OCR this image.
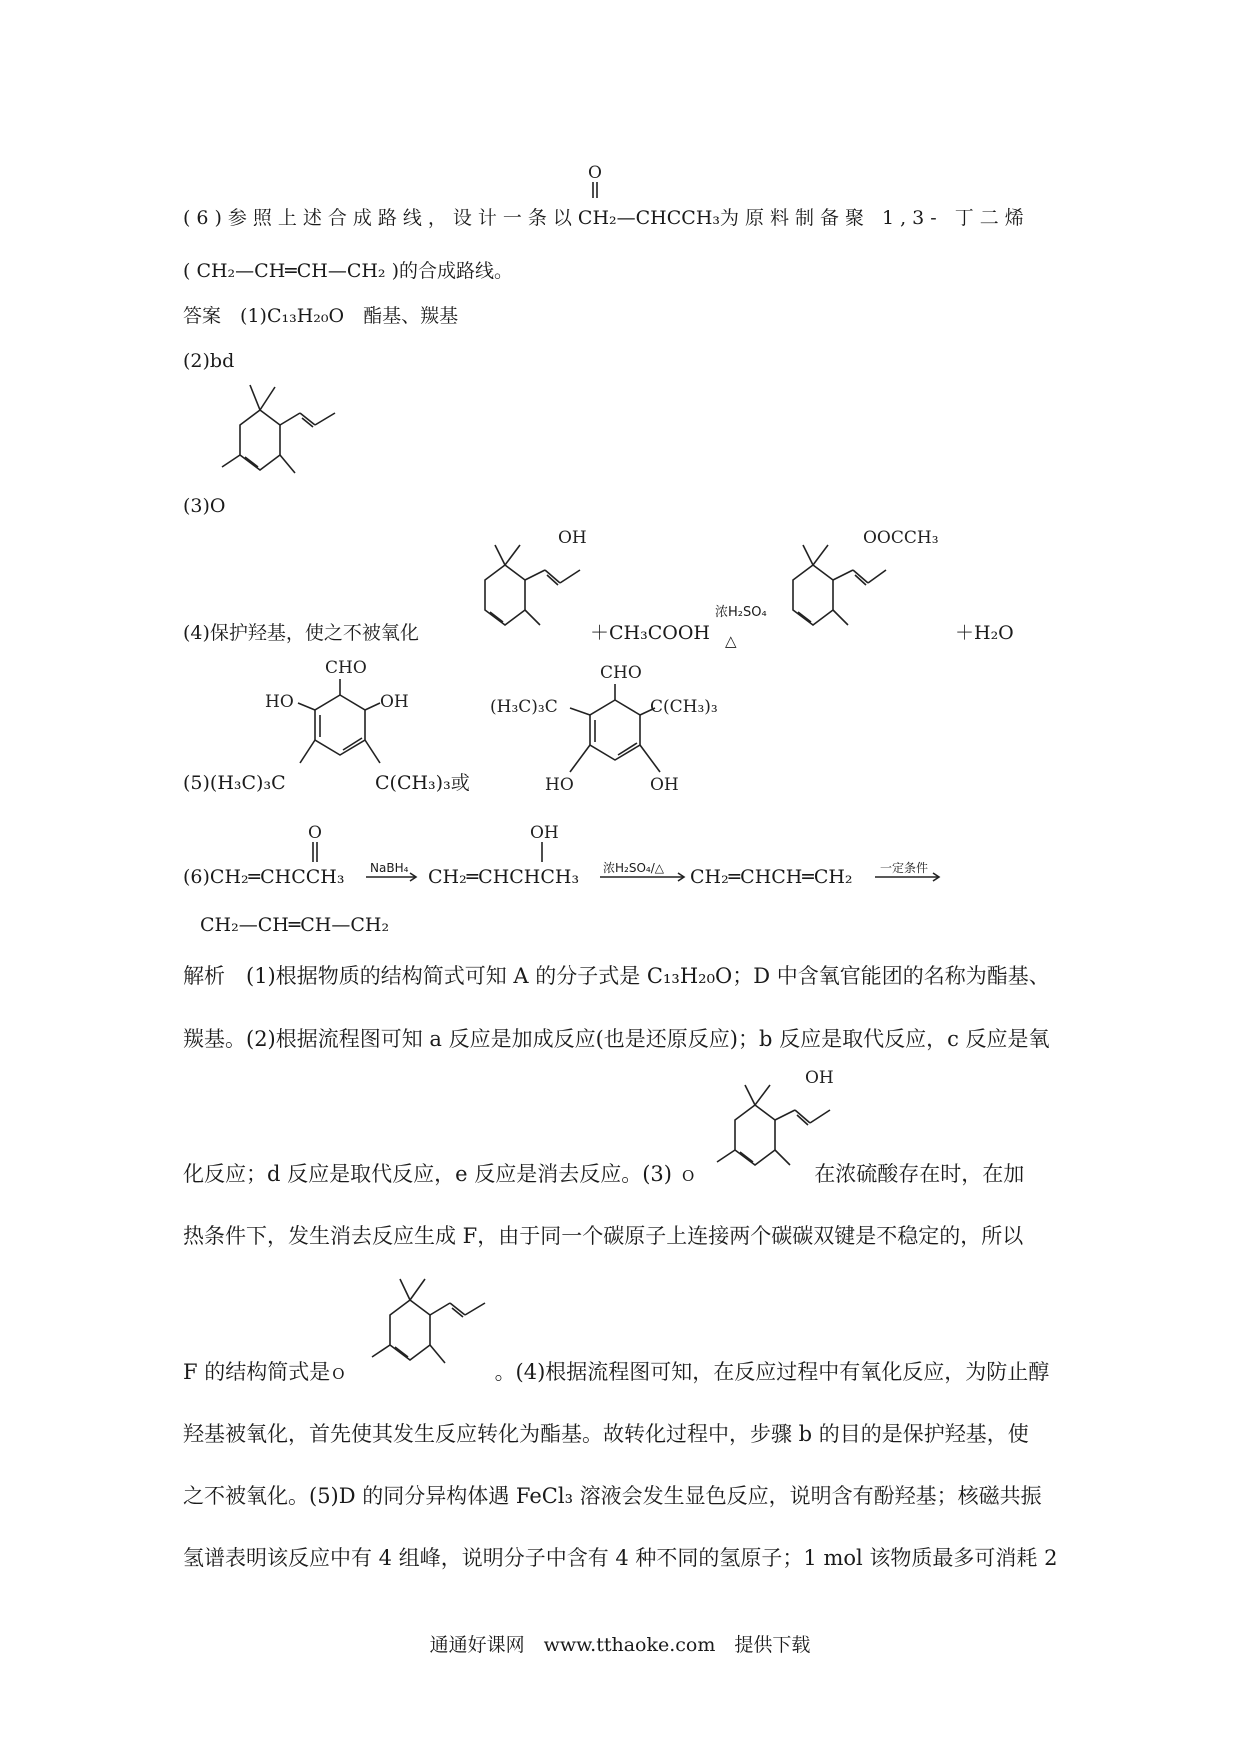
O
(6)参照上述合成路线，设计一条以CH₂—CHCCH₃为原料制备聚 1,3- 丁二烯
( CH₂—CH═CH—CH₂ )的合成路线。
答案　 (1)C₁₃H₂₀O　酯基、羰基
(2)bd
(3)O
(4)保护羟基，使之不被氧化
OH
＋CH₃COOH
浓H₂SO₄
△
OOCCH₃
＋H₂O
CHO
HO	OH
(5)(H₃C)₃C	C(CH₃)₃或
CHO
(H₃C)₃C	C(CH₃)₃
HO	OH
O	OH
(6)CH₂═CHCCH₃ NaBH₄ CH₂═CHCHCH₃ 浓H₂SO₄/△ CH₂═CHCH═CH₂ 一定条件
CH₂—CH═CH—CH₂
解析　 (1)根据物质的结构简式可知 A 的分子式是 C₁₃H₂₀O；D 中含氧官能团的名称为酯基、
羰基。(2)根据流程图可知 a 反应是加成反应(也是还原反应)；b 反应是取代反应，c 反应是氧
OH
化反应；d 反应是取代反应，e 反应是消去反应。(3) O	在浓硫酸存在时，在加
热条件下，发生消去反应生成 F，由于同一个碳原子上连接两个碳碳双键是不稳定的，所以
F 的结构简式是 O	。(4)根据流程图可知，在反应过程中有氧化反应，为防止醇
羟基被氧化，首先使其发生反应转化为酯基。故转化过程中，步骤 b 的目的是保护羟基，使
之不被氧化。(5)D 的同分异构体遇 FeCl₃ 溶液会发生显色反应，说明含有酚羟基；核磁共振
氢谱表明该反应中有 4 组峰，说明分子中含有 4 种不同的氢原子；1 mol 该物质最多可消耗 2
通通好课网　www.tthaoke.com　提供下载
